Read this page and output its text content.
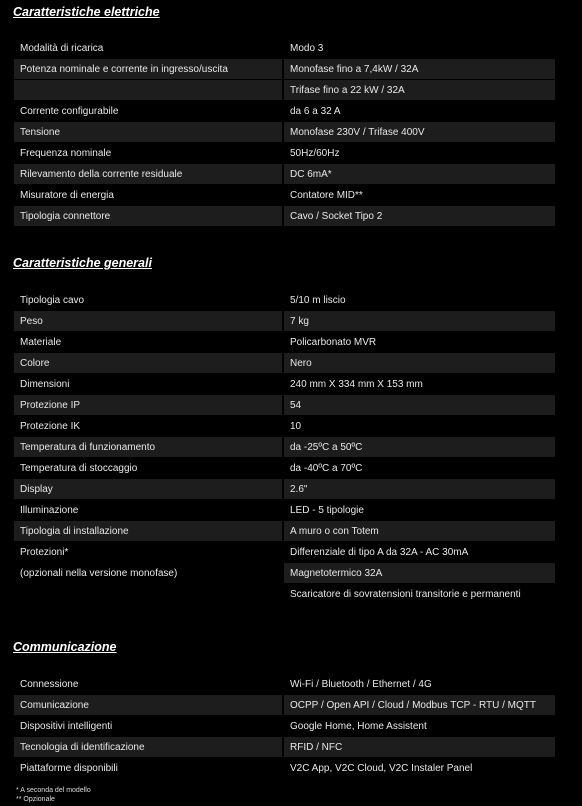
Caratteristiche elettriche
Modalità di ricarica	Modo 3
Potenza nominale e corrente in ingresso/uscita	Monofase fino a 7,4kW / 32A
	Trifase fino a 22 kW / 32A
Corrente configurabile	da 6 a 32 A
Tensione	Monofase 230V / Trifase 400V
Frequenza nominale	50Hz/60Hz
Rilevamento della corrente residuale	DC 6mA*
Misuratore di energia	Contatore MID**
Tipologia connettore	Cavo / Socket Tipo 2
Caratteristiche generali
Tipologia cavo	5/10 m liscio
Peso	7 kg
Materiale	Policarbonato MVR
Colore	Nero
Dimensioni	240 mm X 334 mm X 153 mm
Protezione IP	54
Protezione IK	10
Temperatura di funzionamento	da -25ºC a 50ºC
Temperatura di stoccaggio	da -40ºC a 70ºC
Display	2.6"
Illuminazione	LED - 5 tipologie
Tipologia di installazione	A muro o con Totem
Protezioni*	Differenziale di tipo A da 32A - AC 30mA
(opzionali nella versione monofase)	Magnetotermico 32A
	Scaricatore di sovratensioni transitorie e permanenti
Communicazione
Connessione	Wi-Fi / Bluetooth / Ethernet / 4G
Comunicazione	OCPP / Open API / Cloud / Modbus TCP - RTU / MQTT
Dispositivi intelligenti	Google Home, Home Assistent
Tecnologia di identificazione	RFID / NFC
Piattaforme disponibili	V2C App, V2C Cloud, V2C Instaler Panel
* A seconda del modello
** Opzionale
